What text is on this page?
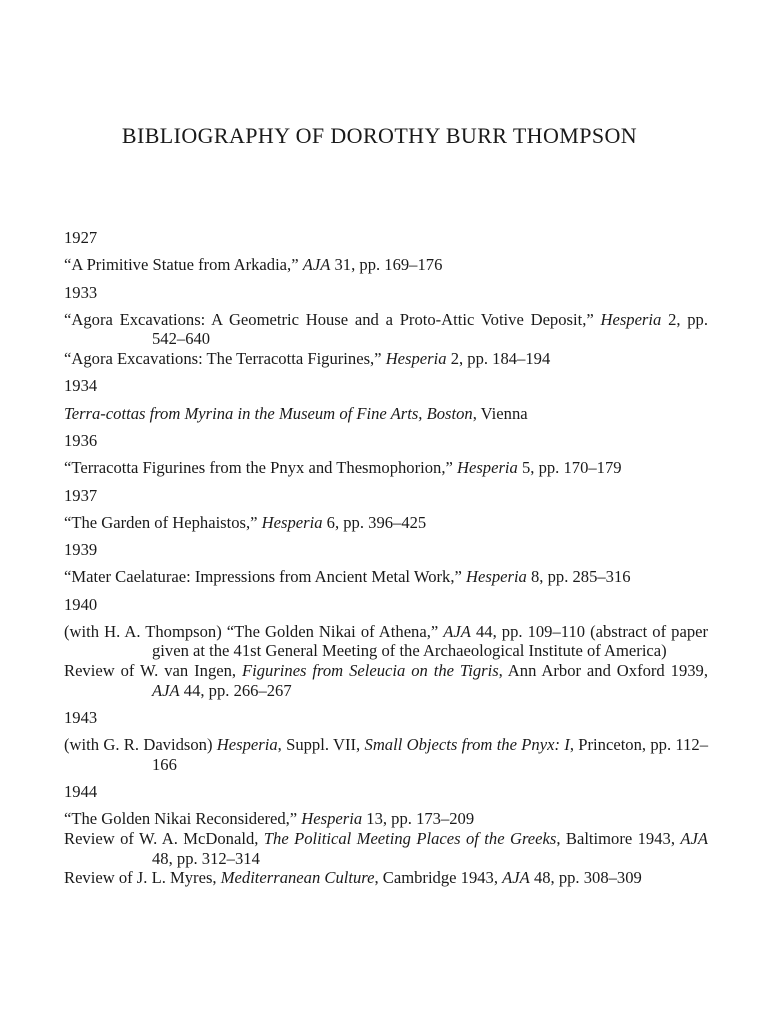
BIBLIOGRAPHY OF DOROTHY BURR THOMPSON
1927
“A Primitive Statue from Arkadia,” AJA 31, pp. 169–176
1933
“Agora Excavations: A Geometric House and a Proto-Attic Votive Deposit,” Hesperia 2, pp. 542–640
“Agora Excavations: The Terracotta Figurines,” Hesperia 2, pp. 184–194
1934
Terra-cottas from Myrina in the Museum of Fine Arts, Boston, Vienna
1936
“Terracotta Figurines from the Pnyx and Thesmophorion,” Hesperia 5, pp. 170–179
1937
“The Garden of Hephaistos,” Hesperia 6, pp. 396–425
1939
“Mater Caelaturae: Impressions from Ancient Metal Work,” Hesperia 8, pp. 285–316
1940
(with H. A. Thompson) “The Golden Nikai of Athena,” AJA 44, pp. 109–110 (abstract of paper given at the 41st General Meeting of the Archaeological Institute of America)
Review of W. van Ingen, Figurines from Seleucia on the Tigris, Ann Arbor and Oxford 1939, AJA 44, pp. 266–267
1943
(with G. R. Davidson) Hesperia, Suppl. VII, Small Objects from the Pnyx: I, Princeton, pp. 112–166
1944
“The Golden Nikai Reconsidered,” Hesperia 13, pp. 173–209
Review of W. A. McDonald, The Political Meeting Places of the Greeks, Baltimore 1943, AJA 48, pp. 312–314
Review of J. L. Myres, Mediterranean Culture, Cambridge 1943, AJA 48, pp. 308–309
